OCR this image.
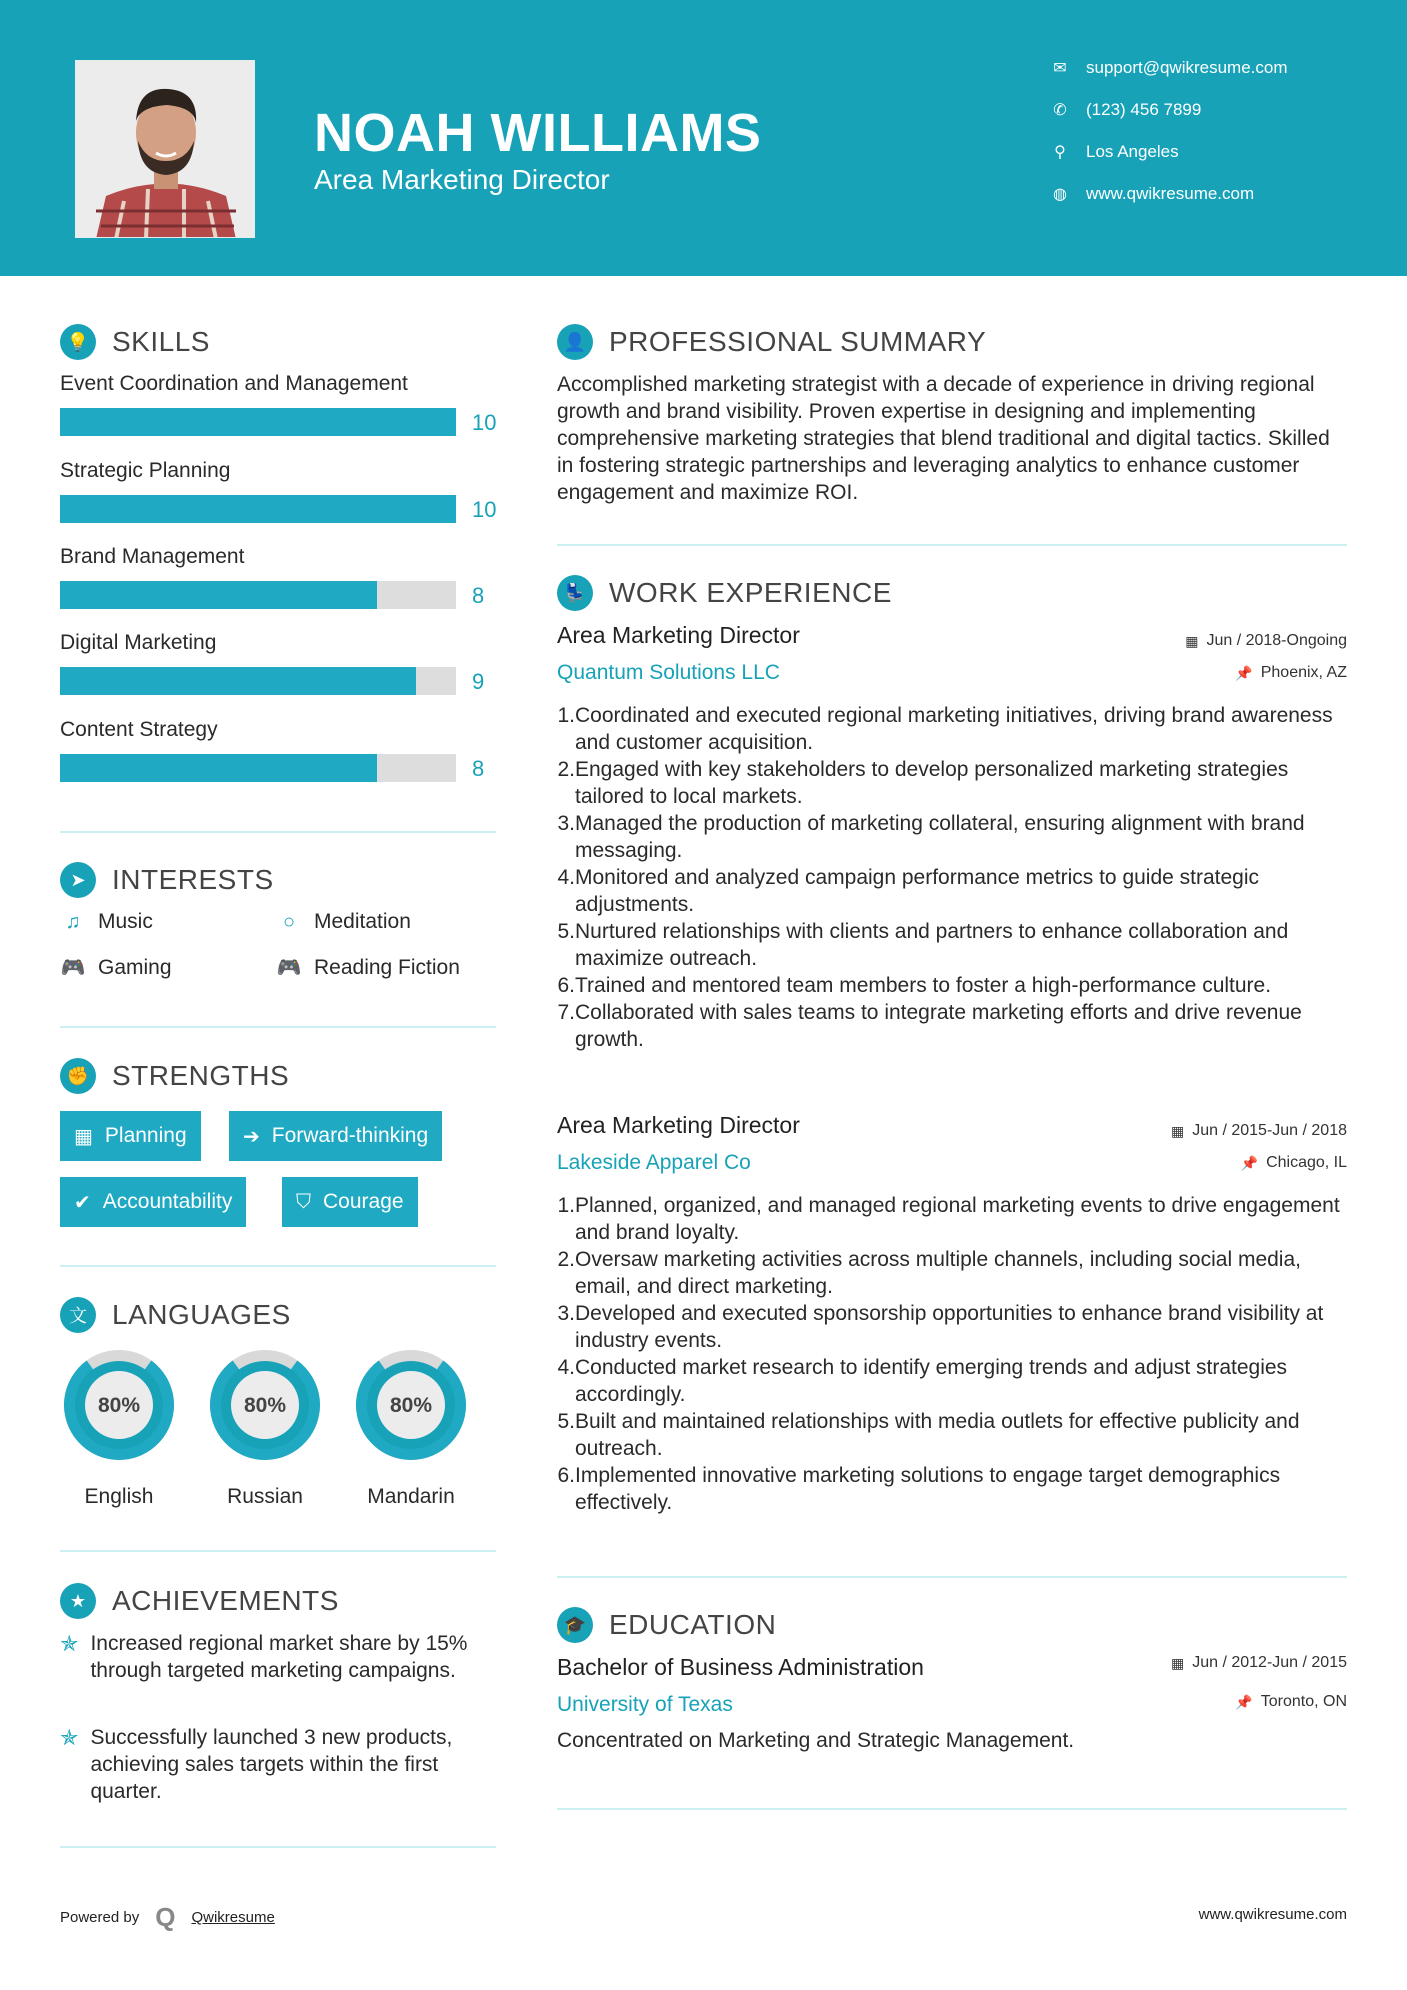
NOAH WILLIAMS
Area Marketing Director
✉ support@qwikresume.com
✆ (123) 456 7899
⚲ Los Angeles
◍ www.qwikresume.com
💡 SKILLS
Event Coordination and Management
10
Strategic Planning
10
Brand Management
8
Digital Marketing
9
Content Strategy
8
➤ INTERESTS
♫ Music	○ Meditation
🎮 Gaming	🎮 Reading Fiction
✊ STRENGTHS
▦ Planning	➔ Forward-thinking
✔ Accountability	⛉ Courage
文 LANGUAGES
80%
English
80%
Russian
80%
Mandarin
★ ACHIEVEMENTS
✯ Increased regional market share by 15% through targeted marketing campaigns.
✯ Successfully launched 3 new products, achieving sales targets within the first quarter.
👤 PROFESSIONAL SUMMARY
Accomplished marketing strategist with a decade of experience in driving regional growth and brand visibility. Proven expertise in designing and implementing comprehensive marketing strategies that blend traditional and digital tactics. Skilled in fostering strategic partnerships and leveraging analytics to enhance customer engagement and maximize ROI.
💺 WORK EXPERIENCE
Area Marketing Director	▦ Jun / 2018-Ongoing
Quantum Solutions LLC	📌 Phoenix, AZ
1. Coordinated and executed regional marketing initiatives, driving brand awareness and customer acquisition.
2. Engaged with key stakeholders to develop personalized marketing strategies tailored to local markets.
3. Managed the production of marketing collateral, ensuring alignment with brand messaging.
4. Monitored and analyzed campaign performance metrics to guide strategic adjustments.
5. Nurtured relationships with clients and partners to enhance collaboration and maximize outreach.
6. Trained and mentored team members to foster a high-performance culture.
7. Collaborated with sales teams to integrate marketing efforts and drive revenue growth.
Area Marketing Director	▦ Jun / 2015-Jun / 2018
Lakeside Apparel Co	📌 Chicago, IL
1. Planned, organized, and managed regional marketing events to drive engagement and brand loyalty.
2. Oversaw marketing activities across multiple channels, including social media, email, and direct marketing.
3. Developed and executed sponsorship opportunities to enhance brand visibility at industry events.
4. Conducted market research to identify emerging trends and adjust strategies accordingly.
5. Built and maintained relationships with media outlets for effective publicity and outreach.
6. Implemented innovative marketing solutions to engage target demographics effectively.
🎓 EDUCATION
Bachelor of Business Administration	▦ Jun / 2012-Jun / 2015
University of Texas	📌 Toronto, ON
Concentrated on Marketing and Strategic Management.
Powered by Q Qwikresume	www.qwikresume.com
